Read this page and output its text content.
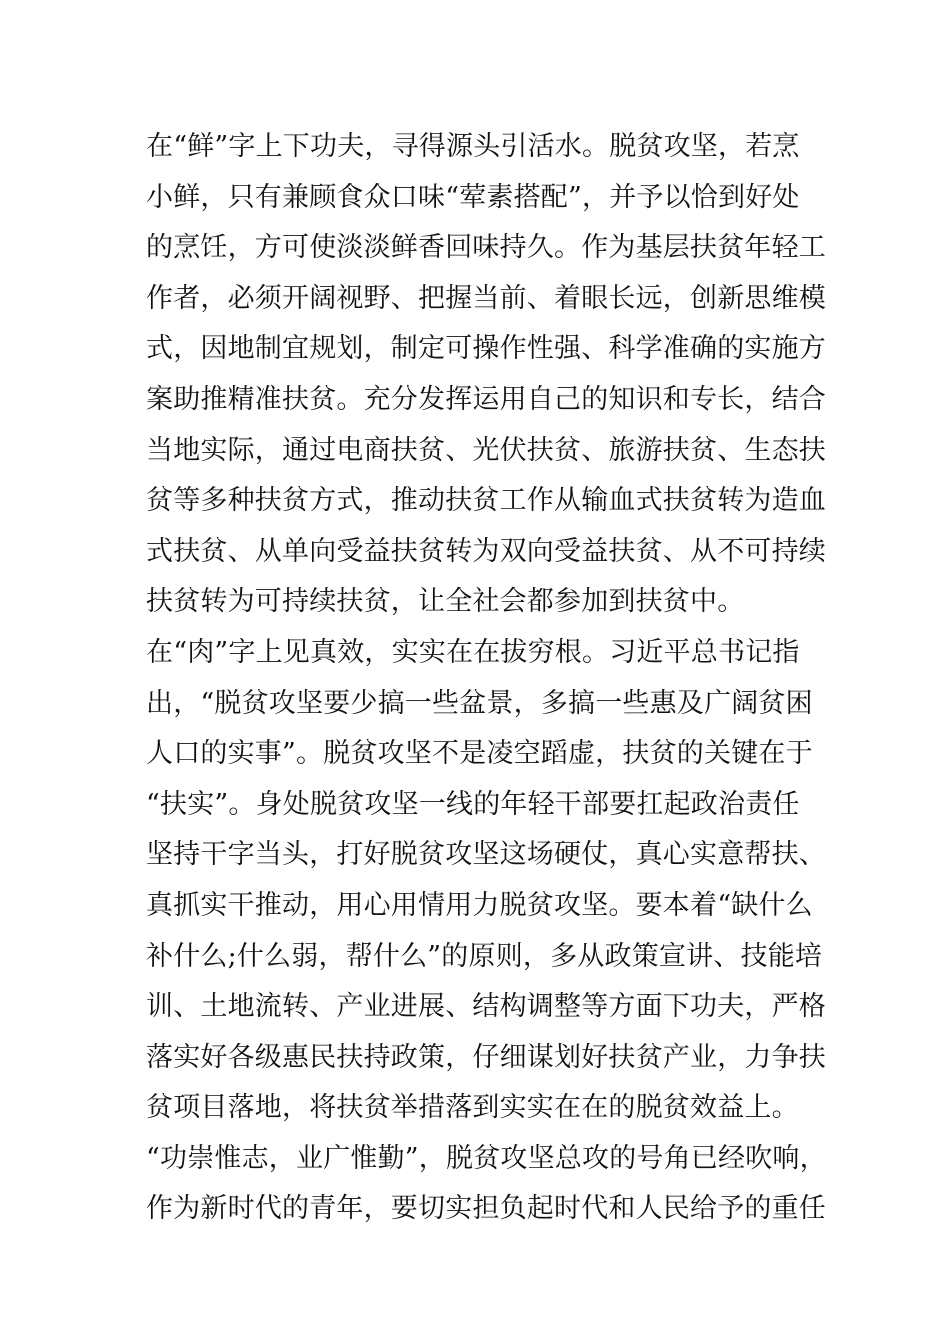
在“鲜”字上下功夫，寻得源头引活水。脱贫攻坚，若烹
小鲜，只有兼顾食众口味“荤素搭配”，并予以恰到好处
的烹饪，方可使淡淡鲜香回味持久。作为基层扶贫年轻工
作者，必须开阔视野、把握当前、着眼长远，创新思维模
式，因地制宜规划，制定可操作性强、科学准确的实施方
案助推精准扶贫。充分发挥运用自己的知识和专长，结合
当地实际，通过电商扶贫、光伏扶贫、旅游扶贫、生态扶
贫等多种扶贫方式，推动扶贫工作从输血式扶贫转为造血
式扶贫、从单向受益扶贫转为双向受益扶贫、从不可持续
扶贫转为可持续扶贫，让全社会都参加到扶贫中。
在“肉”字上见真效，实实在在拔穷根。习近平总书记指
出，“脱贫攻坚要少搞一些盆景，多搞一些惠及广阔贫困
人口的实事”。脱贫攻坚不是凌空蹈虚，扶贫的关键在于
“扶实”。身处脱贫攻坚一线的年轻干部要扛起政治责任
坚持干字当头，打好脱贫攻坚这场硬仗，真心实意帮扶、
真抓实干推动，用心用情用力脱贫攻坚。要本着“缺什么
补什么;什么弱，帮什么”的原则，多从政策宣讲、技能培
训、土地流转、产业进展、结构调整等方面下功夫，严格
落实好各级惠民扶持政策，仔细谋划好扶贫产业，力争扶
贫项目落地，将扶贫举措落到实实在在的脱贫效益上。
“功崇惟志，业广惟勤”，脱贫攻坚总攻的号角已经吹响，
作为新时代的青年，要切实担负起时代和人民给予的重任
